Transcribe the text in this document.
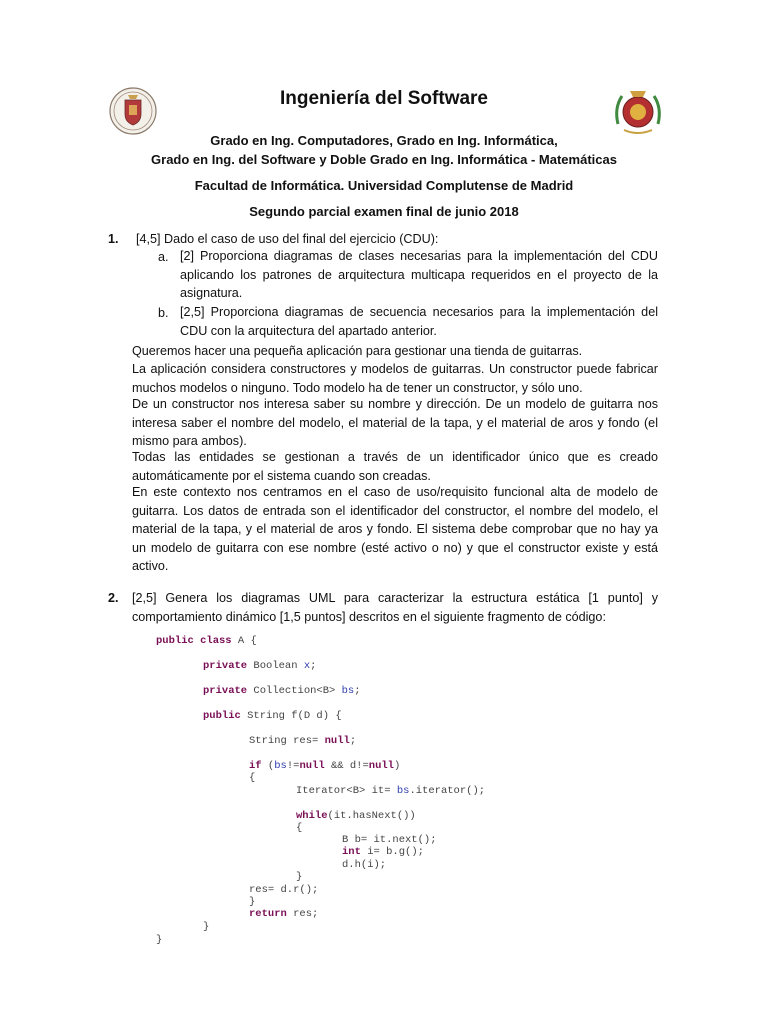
Ingeniería del Software
Grado en Ing. Computadores, Grado en Ing. Informática,
Grado en Ing. del Software y Doble Grado en Ing. Informática - Matemáticas
Facultad de Informática. Universidad Complutense de Madrid
Segundo parcial examen final de junio 2018
1. [4,5] Dado el caso de uso del final del ejercicio (CDU):
a. [2] Proporciona diagramas de clases necesarias para la implementación del CDU aplicando los patrones de arquitectura multicapa requeridos en el proyecto de la asignatura.
b. [2,5] Proporciona diagramas de secuencia necesarios para la implementación del CDU con la arquitectura del apartado anterior.
Queremos hacer una pequeña aplicación para gestionar una tienda de guitarras.
La aplicación considera constructores y modelos de guitarras. Un constructor puede fabricar muchos modelos o ninguno. Todo modelo ha de tener un constructor, y sólo uno.
De un constructor nos interesa saber su nombre y dirección. De un modelo de guitarra nos interesa saber el nombre del modelo, el material de la tapa, y el material de aros y fondo (el mismo para ambos).
Todas las entidades se gestionan a través de un identificador único que es creado automáticamente por el sistema cuando son creadas.
En este contexto nos centramos en el caso de uso/requisito funcional alta de modelo de guitarra. Los datos de entrada son el identificador del constructor, el nombre del modelo, el material de la tapa, y el material de aros y fondo. El sistema debe comprobar que no hay ya un modelo de guitarra con ese nombre (esté activo o no) y que el constructor existe y está activo.
2. [2,5] Genera los diagramas UML para caracterizar la estructura estática [1 punto] y comportamiento dinámico [1,5 puntos] descritos en el siguiente fragmento de código:
public class A {
private Boolean x;
private Collection<B> bs;
public String f(D d) {
String res= null;
if (bs!=null && d!=null)
{
Iterator<B> it= bs.iterator();
while(it.hasNext())
{
B b= it.next();
int i= b.g();
d.h(i);
}
res= d.r();
}
return res;
}
}
